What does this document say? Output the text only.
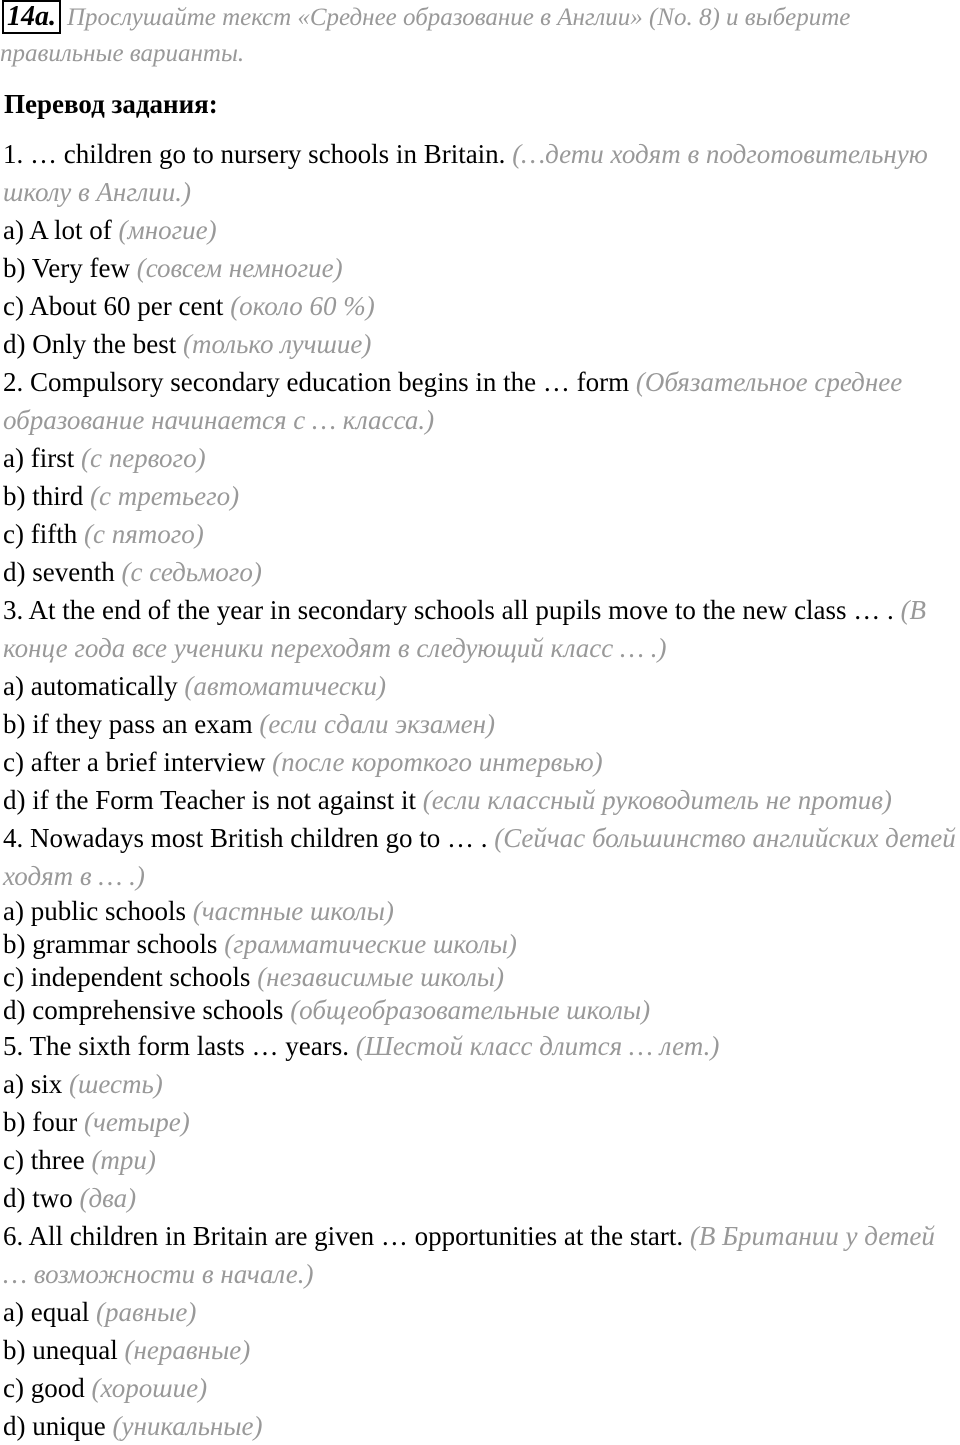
14a. Прослушайте текст «Среднее образование в Англии» (No. 8) и выберите правильные варианты.
Перевод задания:
1. … children go to nursery schools in Britain. (…дети ходят в подготовительную школу в Англии.)
a) A lot of (многие)
b) Very few (совсем немногие)
c) About 60 per cent (около 60 %)
d) Only the best (только лучшие)
2. Compulsory secondary education begins in the … form (Обязательное среднее образование начинается с … класса.)
a) first (с первого)
b) third (с третьего)
c) fifth (с пятого)
d) seventh (с седьмого)
3. At the end of the year in secondary schools all pupils move to the new class … . (В конце года все ученики переходят в следующий класс … .)
a) automatically (автоматически)
b) if they pass an exam (если сдали экзамен)
c) after a brief interview (после короткого интервью)
d) if the Form Teacher is not against it (если классный руководитель не против)
4. Nowadays most British children go to … . (Сейчас большинство английских детей ходят в … .)
a) public schools (частные школы)
b) grammar schools (грамматические школы)
c) independent schools (независимые школы)
d) comprehensive schools (общеобразовательные школы)
5. The sixth form lasts … years. (Шестой класс длится … лет.)
a) six (шесть)
b) four (четыре)
c) three (три)
d) two (два)
6. All children in Britain are given … opportunities at the start. (В Британии у детей … возможности в начале.)
a) equal (равные)
b) unequal (неравные)
c) good (хорошие)
d) unique (уникальные)
